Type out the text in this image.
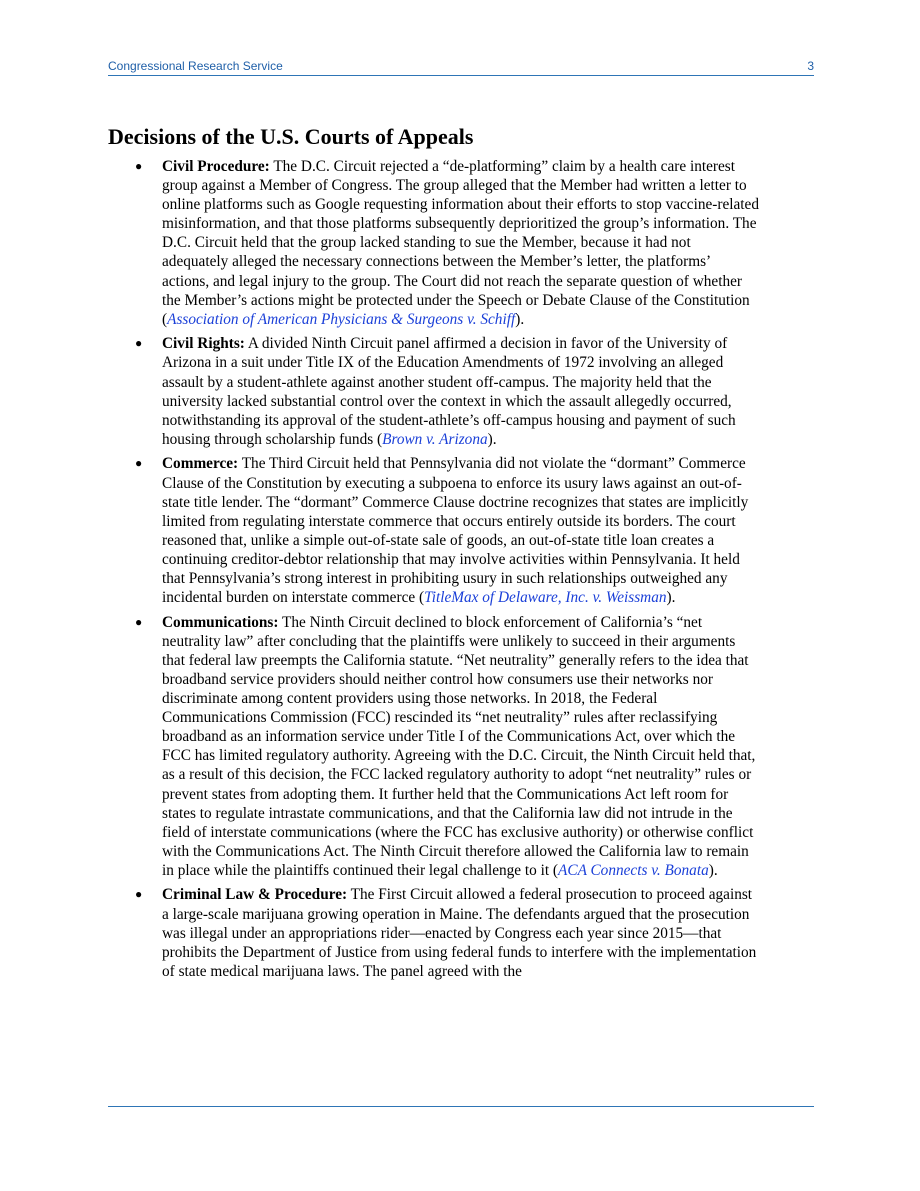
Congressional Research Service	3
Decisions of the U.S. Courts of Appeals
● Civil Procedure: The D.C. Circuit rejected a “de-platforming” claim by a health care interest group against a Member of Congress. The group alleged that the Member had written a letter to online platforms such as Google requesting information about their efforts to stop vaccine-related misinformation, and that those platforms subsequently deprioritized the group’s information. The D.C. Circuit held that the group lacked standing to sue the Member, because it had not adequately alleged the necessary connections between the Member’s letter, the platforms’ actions, and legal injury to the group. The Court did not reach the separate question of whether the Member’s actions might be protected under the Speech or Debate Clause of the Constitution (Association of American Physicians & Surgeons v. Schiff).
● Civil Rights: A divided Ninth Circuit panel affirmed a decision in favor of the University of Arizona in a suit under Title IX of the Education Amendments of 1972 involving an alleged assault by a student-athlete against another student off-campus. The majority held that the university lacked substantial control over the context in which the assault allegedly occurred, notwithstanding its approval of the student-athlete’s off-campus housing and payment of such housing through scholarship funds (Brown v. Arizona).
● Commerce: The Third Circuit held that Pennsylvania did not violate the “dormant” Commerce Clause of the Constitution by executing a subpoena to enforce its usury laws against an out-of-state title lender. The “dormant” Commerce Clause doctrine recognizes that states are implicitly limited from regulating interstate commerce that occurs entirely outside its borders. The court reasoned that, unlike a simple out-of-state sale of goods, an out-of-state title loan creates a continuing creditor-debtor relationship that may involve activities within Pennsylvania. It held that Pennsylvania’s strong interest in prohibiting usury in such relationships outweighed any incidental burden on interstate commerce (TitleMax of Delaware, Inc. v. Weissman).
● Communications: The Ninth Circuit declined to block enforcement of California’s “net neutrality law” after concluding that the plaintiffs were unlikely to succeed in their arguments that federal law preempts the California statute. “Net neutrality” generally refers to the idea that broadband service providers should neither control how consumers use their networks nor discriminate among content providers using those networks. In 2018, the Federal Communications Commission (FCC) rescinded its “net neutrality” rules after reclassifying broadband as an information service under Title I of the Communications Act, over which the FCC has limited regulatory authority. Agreeing with the D.C. Circuit, the Ninth Circuit held that, as a result of this decision, the FCC lacked regulatory authority to adopt “net neutrality” rules or prevent states from adopting them. It further held that the Communications Act left room for states to regulate intrastate communications, and that the California law did not intrude in the field of interstate communications (where the FCC has exclusive authority) or otherwise conflict with the Communications Act. The Ninth Circuit therefore allowed the California law to remain in place while the plaintiffs continued their legal challenge to it (ACA Connects v. Bonata).
● Criminal Law & Procedure: The First Circuit allowed a federal prosecution to proceed against a large-scale marijuana growing operation in Maine. The defendants argued that the prosecution was illegal under an appropriations rider—enacted by Congress each year since 2015—that prohibits the Department of Justice from using federal funds to interfere with the implementation of state medical marijuana laws. The panel agreed with the
